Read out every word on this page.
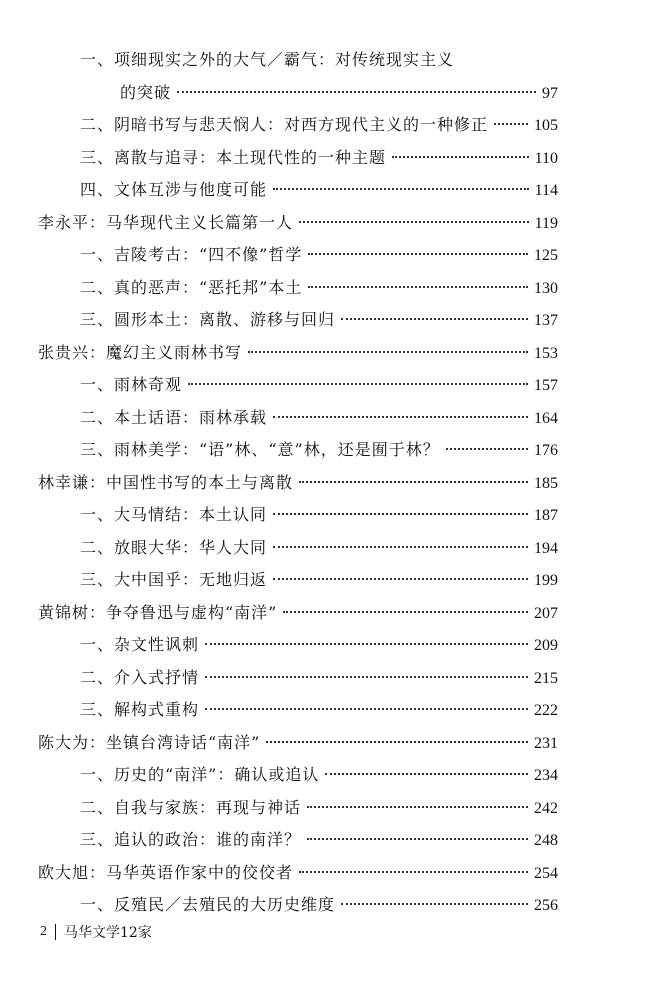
一、项细现实之外的大气／霸气：对传统现实主义
的突破	97
二、阴暗书写与悲天悯人：对西方现代主义的一种修正	105
三、离散与追寻：本土现代性的一种主题	110
四、文体互涉与他度可能	114
李永平：马华现代主义长篇第一人	119
一、吉陵考古：“四不像”哲学	125
二、真的恶声：“恶托邦”本土	130
三、圆形本土：离散、游移与回归	137
张贵兴：魔幻主义雨林书写	153
一、雨林奇观	157
二、本土话语：雨林承载	164
三、雨林美学：“语”林、“意”林，还是囿于林？	176
林幸谦：中国性书写的本土与离散	185
一、大马情结：本土认同	187
二、放眼大华：华人大同	194
三、大中国乎：无地归返	199
黄锦树：争夺鲁迅与虚构“南洋”	207
一、杂文性讽刺	209
二、介入式抒情	215
三、解构式重构	222
陈大为：坐镇台湾诗话“南洋”	231
一、历史的“南洋”：确认或追认	234
二、自我与家族：再现与神话	242
三、追认的政治：谁的南洋？	248
欧大旭：马华英语作家中的佼佼者	254
一、反殖民／去殖民的大历史维度	256
2 马华文学12家
